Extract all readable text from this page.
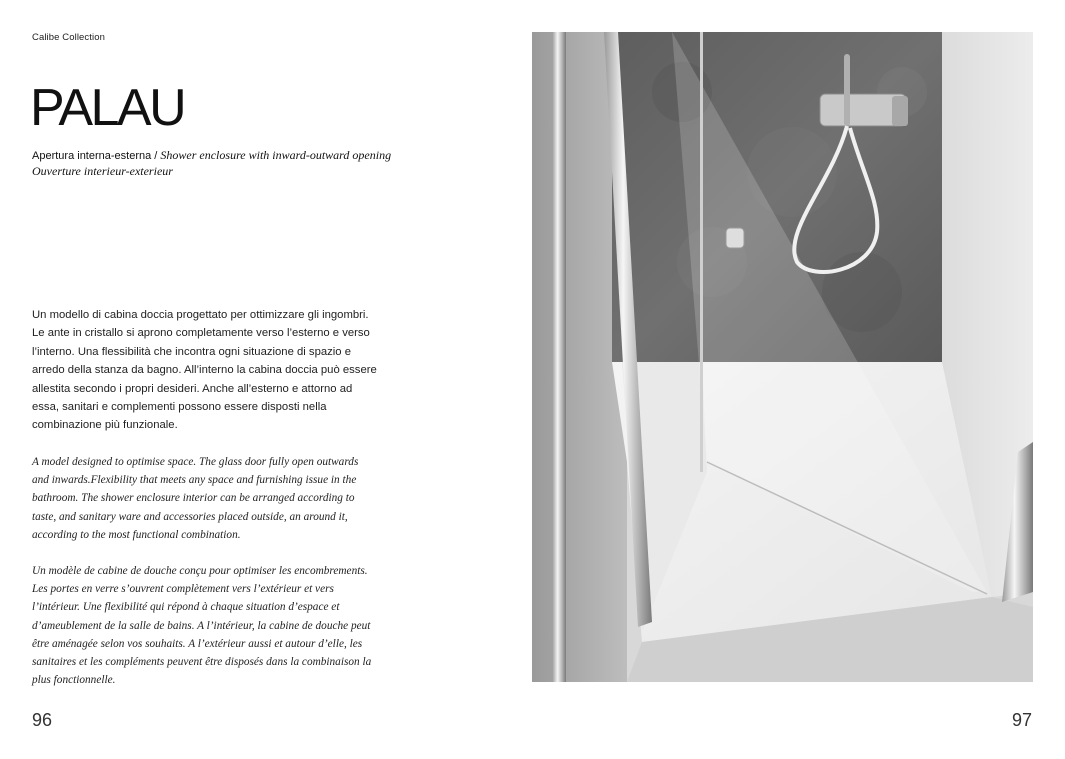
Calibe Collection
PALAU
Apertura interna-esterna / Shower enclosure with inward-outward opening
Ouverture interieur-exterieur

Un modello di cabina doccia progettato per ottimizzare gli ingombri. Le ante in cristallo si aprono completamente verso l’esterno e verso l’interno. Una flessibilità che incontra ogni situazione di spazio e arredo della stanza da bagno. All’interno la cabina doccia può essere allestita secondo i propri desideri. Anche all’esterno e attorno ad essa, sanitari e complementi possono essere disposti nella combinazione più funzionale.

A model designed to optimise space. The glass door fully open outwards and inwards.Flexibility that meets any space and furnishing issue in the bathroom. The shower enclosure interior can be arranged according to taste, and sanitary ware and accessories placed outside, an around it, according to the most functional combination.

Un modèle de cabine de douche conçu pour optimiser les encombrements. Les portes en verre s’ouvrent complètement vers l’extérieur et vers l’intérieur. Une flexibilité qui répond à chaque situation d’espace et d’ameublement de la salle de bains. A l’intérieur, la cabine de douche peut être aménagée selon vos souhaits. A l’extérieur aussi et autour d’elle, les sanitaires et les compléments peuvent être disposés dans la combinaison la plus fonctionnelle.

96	97
